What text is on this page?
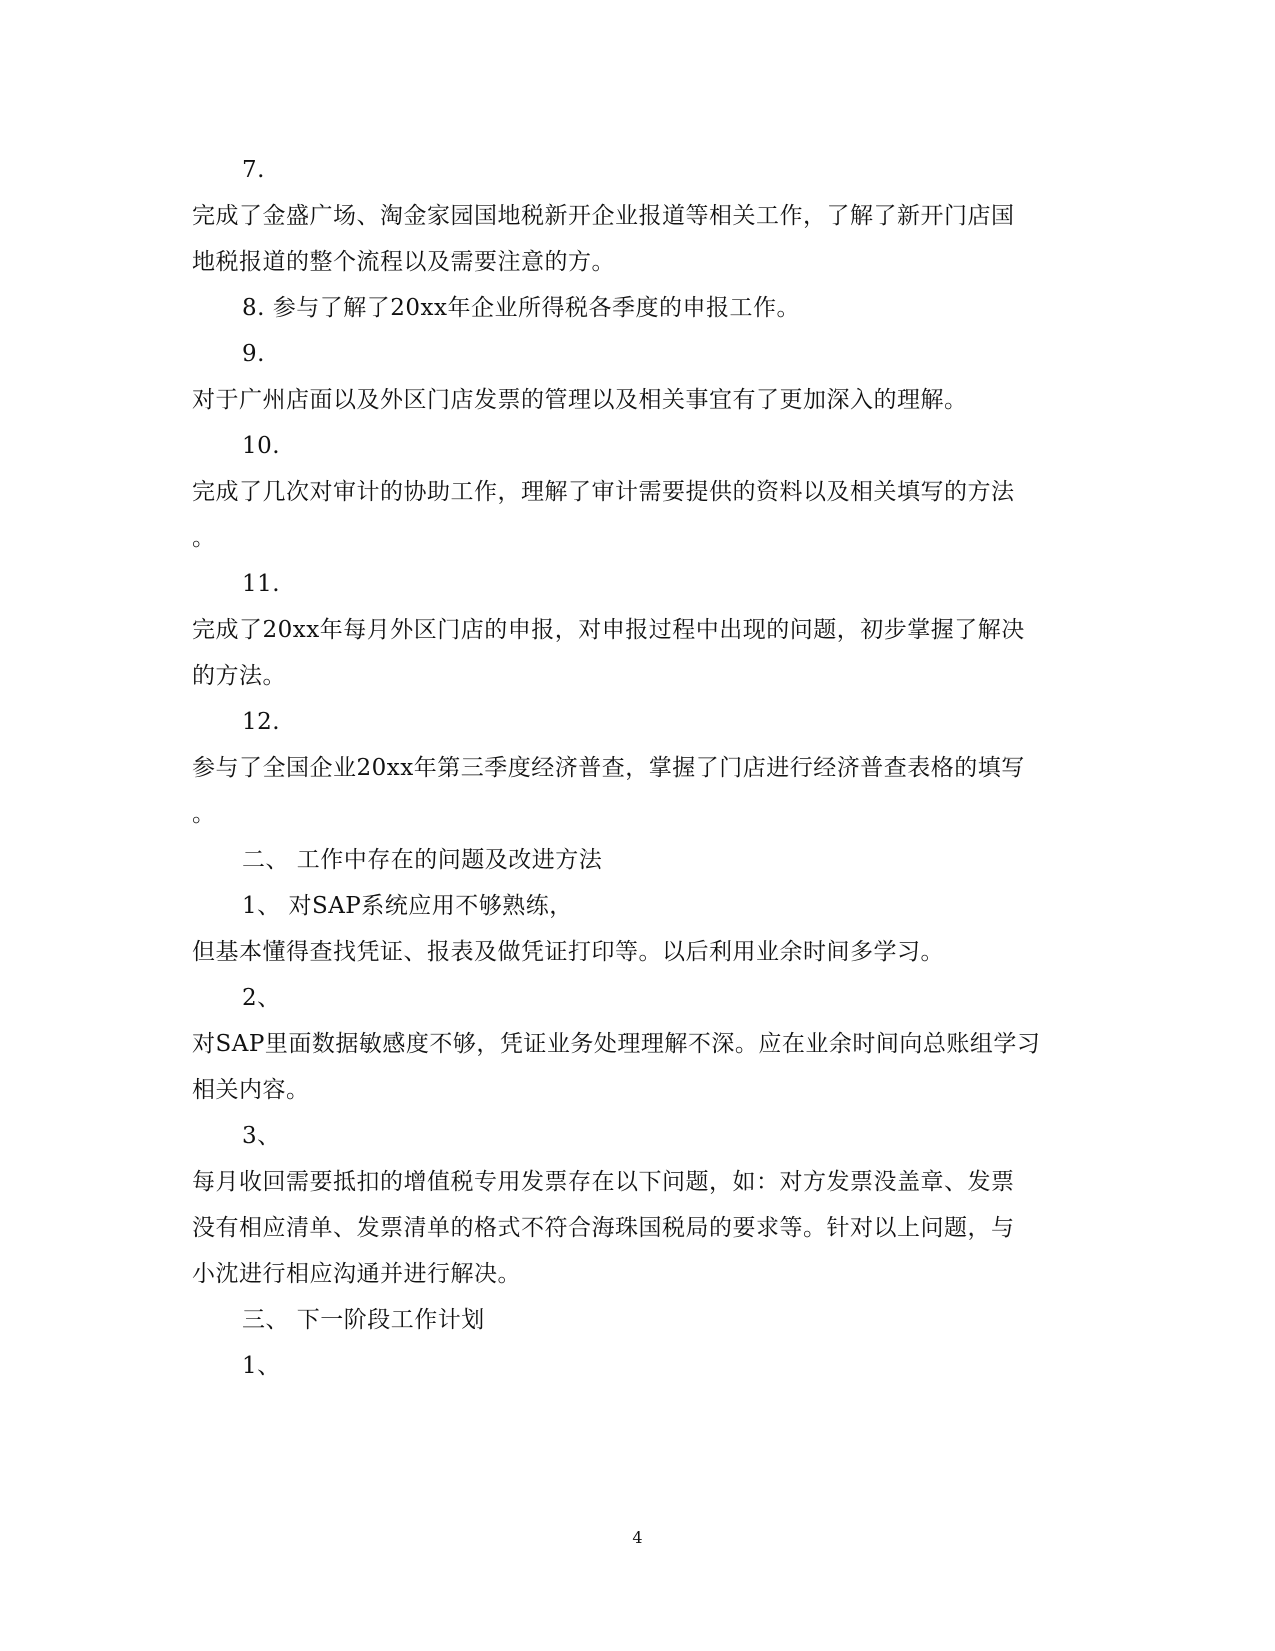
7.
完成了金盛广场、淘金家园国地税新开企业报道等相关工作，了解了新开门店国
地税报道的整个流程以及需要注意的方。
8. 参与了解了20xx年企业所得税各季度的申报工作。
9.
对于广州店面以及外区门店发票的管理以及相关事宜有了更加深入的理解。
10.
完成了几次对审计的协助工作，理解了审计需要提供的资料以及相关填写的方法
。
11.
完成了20xx年每月外区门店的申报，对申报过程中出现的问题，初步掌握了解决
的方法。
12.
参与了全国企业20xx年第三季度经济普查，掌握了门店进行经济普查表格的填写
。
二、 工作中存在的问题及改进方法
1、 对SAP系统应用不够熟练，
但基本懂得查找凭证、报表及做凭证打印等。以后利用业余时间多学习。
2、
对SAP里面数据敏感度不够，凭证业务处理理解不深。应在业余时间向总账组学习
相关内容。
3、
每月收回需要抵扣的增值税专用发票存在以下问题，如：对方发票没盖章、发票
没有相应清单、发票清单的格式不符合海珠国税局的要求等。针对以上问题，与
小沈进行相应沟通并进行解决。
三、 下一阶段工作计划
1、
4
